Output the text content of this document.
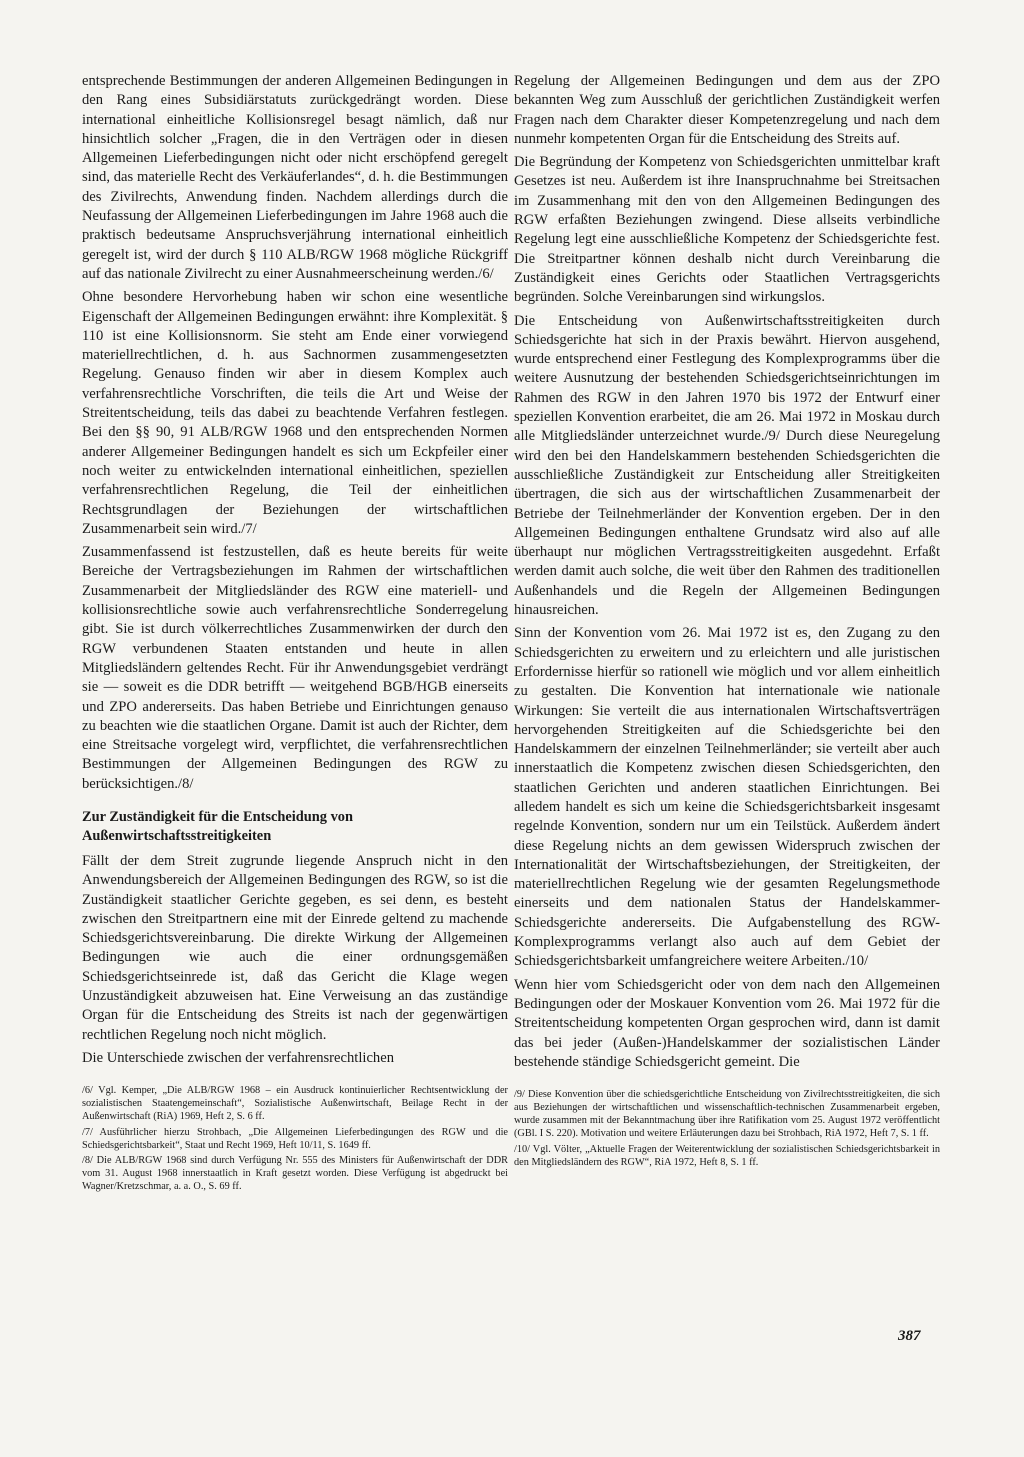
entsprechende Bestimmungen der anderen Allgemeinen Bedingungen in den Rang eines Subsidiärstatuts zurückgedrängt worden. Diese international einheitliche Kollisionsregel besagt nämlich, daß nur hinsichtlich solcher „Fragen, die in den Verträgen oder in diesen Allgemeinen Lieferbedingungen nicht oder nicht erschöpfend geregelt sind, das materielle Recht des Verkäuferlandes“, d. h. die Bestimmungen des Zivilrechts, Anwendung finden. Nachdem allerdings durch die Neufassung der Allgemeinen Lieferbedingungen im Jahre 1968 auch die praktisch bedeutsame Anspruchsverjährung international einheitlich geregelt ist, wird der durch § 110 ALB/RGW 1968 mögliche Rückgriff auf das nationale Zivilrecht zu einer Ausnahmeerscheinung werden./6/

Ohne besondere Hervorhebung haben wir schon eine wesentliche Eigenschaft der Allgemeinen Bedingungen erwähnt: ihre Komplexität. § 110 ist eine Kollisionsnorm. Sie steht am Ende einer vorwiegend materiellrechtlichen, d. h. aus Sachnormen zusammengesetzten Regelung. Genauso finden wir aber in diesem Komplex auch verfahrensrechtliche Vorschriften, die teils die Art und Weise der Streitentscheidung, teils das dabei zu beachtende Verfahren festlegen. Bei den §§ 90, 91 ALB/RGW 1968 und den entsprechenden Normen anderer Allgemeiner Bedingungen handelt es sich um Eckpfeiler einer noch weiter zu entwickelnden international einheitlichen, speziellen verfahrensrechtlichen Regelung, die Teil der einheitlichen Rechtsgrundlagen der Beziehungen der wirtschaftlichen Zusammenarbeit sein wird./7/

Zusammenfassend ist festzustellen, daß es heute bereits für weite Bereiche der Vertragsbeziehungen im Rahmen der wirtschaftlichen Zusammenarbeit der Mitgliedsländer des RGW eine materiell- und kollisionsrechtliche sowie auch verfahrensrechtliche Sonderregelung gibt. Sie ist durch völkerrechtliches Zusammenwirken der durch den RGW verbundenen Staaten entstanden und heute in allen Mitgliedsländern geltendes Recht. Für ihr Anwendungsgebiet verdrängt sie — soweit es die DDR betrifft — weitgehend BGB/HGB einerseits und ZPO andererseits. Das haben Betriebe und Einrichtungen genauso zu beachten wie die staatlichen Organe. Damit ist auch der Richter, dem eine Streitsache vorgelegt wird, verpflichtet, die verfahrensrechtlichen Bestimmungen der Allgemeinen Bedingungen des RGW zu berücksichtigen./8/

Zur Zuständigkeit für die Entscheidung von Außenwirtschaftsstreitigkeiten

Fällt der dem Streit zugrunde liegende Anspruch nicht in den Anwendungsbereich der Allgemeinen Bedingungen des RGW, so ist die Zuständigkeit staatlicher Gerichte gegeben, es sei denn, es besteht zwischen den Streitpartnern eine mit der Einrede geltend zu machende Schiedsgerichtsvereinbarung. Die direkte Wirkung der Allgemeinen Bedingungen wie auch die einer ordnungsgemäßen Schiedsgerichtseinrede ist, daß das Gericht die Klage wegen Unzuständigkeit abzuweisen hat. Eine Verweisung an das zuständige Organ für die Entscheidung des Streits ist nach der gegenwärtigen rechtlichen Regelung noch nicht möglich.

Die Unterschiede zwischen der verfahrensrechtlichen

/6/ Vgl. Kemper, „Die ALB/RGW 1968 – ein Ausdruck kontinuierlicher Rechtsentwicklung der sozialistischen Staatengemeinschaft“, Sozialistische Außenwirtschaft, Beilage Recht in der Außenwirtschaft (RiA) 1969, Heft 2, S. 6 ff.

/7/ Ausführlicher hierzu Strohbach, „Die Allgemeinen Lieferbedingungen des RGW und die Schiedsgerichtsbarkeit“, Staat und Recht 1969, Heft 10/11, S. 1649 ff.

/8/ Die ALB/RGW 1968 sind durch Verfügung Nr. 555 des Ministers für Außenwirtschaft der DDR vom 31. August 1968 innerstaatlich in Kraft gesetzt worden. Diese Verfügung ist abgedruckt bei Wagner/Kretzschmar, a. a. O., S. 69 ff.

Regelung der Allgemeinen Bedingungen und dem aus der ZPO bekannten Weg zum Ausschluß der gerichtlichen Zuständigkeit werfen Fragen nach dem Charakter dieser Kompetenzregelung und nach dem nunmehr kompetenten Organ für die Entscheidung des Streits auf.

Die Begründung der Kompetenz von Schiedsgerichten unmittelbar kraft Gesetzes ist neu. Außerdem ist ihre Inanspruchnahme bei Streitsachen im Zusammenhang mit den von den Allgemeinen Bedingungen des RGW erfaßten Beziehungen zwingend. Diese allseits verbindliche Regelung legt eine ausschließliche Kompetenz der Schiedsgerichte fest. Die Streitpartner können deshalb nicht durch Vereinbarung die Zuständigkeit eines Gerichts oder Staatlichen Vertragsgerichts begründen. Solche Vereinbarungen sind wirkungslos.

Die Entscheidung von Außenwirtschaftsstreitigkeiten durch Schiedsgerichte hat sich in der Praxis bewährt. Hiervon ausgehend, wurde entsprechend einer Festlegung des Komplexprogramms über die weitere Ausnutzung der bestehenden Schiedsgerichtseinrichtungen im Rahmen des RGW in den Jahren 1970 bis 1972 der Entwurf einer speziellen Konvention erarbeitet, die am 26. Mai 1972 in Moskau durch alle Mitgliedsländer unterzeichnet wurde./9/ Durch diese Neuregelung wird den bei den Handelskammern bestehenden Schiedsgerichten die ausschließliche Zuständigkeit zur Entscheidung aller Streitigkeiten übertragen, die sich aus der wirtschaftlichen Zusammenarbeit der Betriebe der Teilnehmerländer der Konvention ergeben. Der in den Allgemeinen Bedingungen enthaltene Grundsatz wird also auf alle überhaupt nur möglichen Vertragsstreitigkeiten ausgedehnt. Erfaßt werden damit auch solche, die weit über den Rahmen des traditionellen Außenhandels und die Regeln der Allgemeinen Bedingungen hinausreichen.

Sinn der Konvention vom 26. Mai 1972 ist es, den Zugang zu den Schiedsgerichten zu erweitern und zu erleichtern und alle juristischen Erfordernisse hierfür so rationell wie möglich und vor allem einheitlich zu gestalten. Die Konvention hat internationale wie nationale Wirkungen: Sie verteilt die aus internationalen Wirtschaftsverträgen hervorgehenden Streitigkeiten auf die Schiedsgerichte bei den Handelskammern der einzelnen Teilnehmerländer; sie verteilt aber auch innerstaatlich die Kompetenz zwischen diesen Schiedsgerichten, den staatlichen Gerichten und anderen staatlichen Einrichtungen. Bei alledem handelt es sich um keine die Schiedsgerichtsbarkeit insgesamt regelnde Konvention, sondern nur um ein Teilstück. Außerdem ändert diese Regelung nichts an dem gewissen Widerspruch zwischen der Internationalität der Wirtschaftsbeziehungen, der Streitigkeiten, der materiellrechtlichen Regelung wie der gesamten Regelungsmethode einerseits und dem nationalen Status der Handelskammer-Schiedsgerichte andererseits. Die Aufgabenstellung des RGW-Komplexprogramms verlangt also auch auf dem Gebiet der Schiedsgerichtsbarkeit umfangreichere weitere Arbeiten./10/

Wenn hier vom Schiedsgericht oder von dem nach den Allgemeinen Bedingungen oder der Moskauer Konvention vom 26. Mai 1972 für die Streitentscheidung kompetenten Organ gesprochen wird, dann ist damit das bei jeder (Außen-)Handelskammer der sozialistischen Länder bestehende ständige Schiedsgericht gemeint. Die

/9/ Diese Konvention über die schiedsgerichtliche Entscheidung von Zivilrechtsstreitigkeiten, die sich aus Beziehungen der wirtschaftlichen und wissenschaftlich-technischen Zusammenarbeit ergeben, wurde zusammen mit der Bekanntmachung über ihre Ratifikation vom 25. August 1972 veröffentlicht (GBl. I S. 220). Motivation und weitere Erläuterungen dazu bei Strohbach, RiA 1972, Heft 7, S. 1 ff.

/10/ Vgl. Völter, „Aktuelle Fragen der Weiterentwicklung der sozialistischen Schiedsgerichtsbarkeit in den Mitgliedsländern des RGW“, RiA 1972, Heft 8, S. 1 ff.

387
